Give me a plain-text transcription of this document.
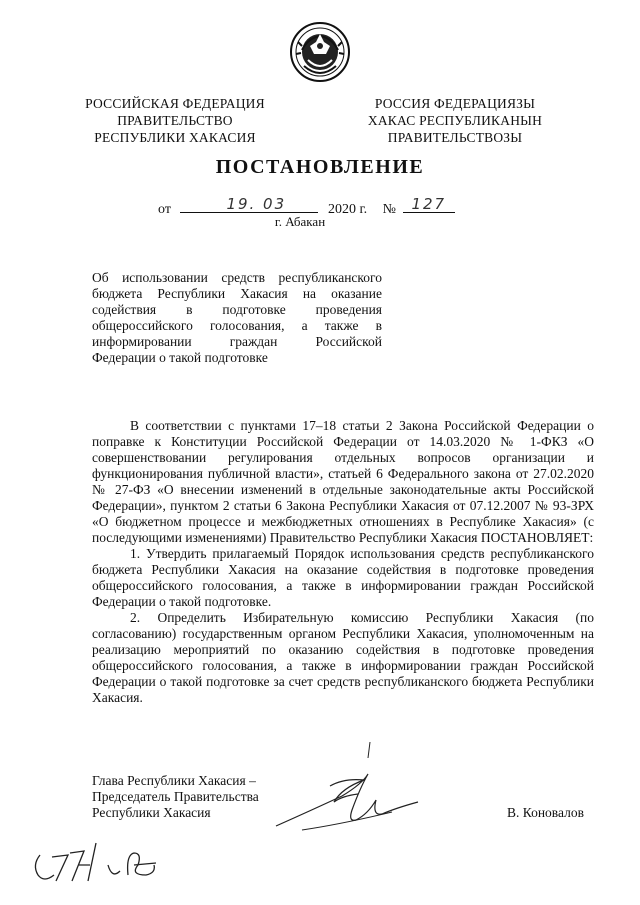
РОССИЙСКАЯ ФЕДЕРАЦИЯ
ПРАВИТЕЛЬСТВО
РЕСПУБЛИКИ ХАКАСИЯ
РОССИЯ ФЕДЕРАЦИЯЗЫ
ХАКАС РЕСПУБЛИКАНЫН
ПРАВИТЕЛЬСТВОЗЫ
ПОСТАНОВЛЕНИЕ
от	19. 03	2020 г. № 127
г. Абакан
Об использовании средств республиканского
бюджета Республики Хакасия на оказание
содействия в подготовке проведения
общероссийского голосования, а также в
информировании граждан Российской
Федерации о такой подготовке

В соответствии с пунктами 17–18 статьи 2 Закона Российской Федерации о поправке к Конституции Российской Федерации от 14.03.2020 № 1-ФКЗ «О совершенствовании регулирования отдельных вопросов организации и функционирования публичной власти», статьей 6 Федерального закона от 27.02.2020 № 27-ФЗ «О внесении изменений в отдельные законодательные акты Российской Федерации», пунктом 2 статьи 6 Закона Республики Хакасия от 07.12.2007 № 93-ЗРХ «О бюджетном процессе и межбюджетных отношениях в Республике Хакасия» (с последующими изменениями) Правительство Республики Хакасия ПОСТАНОВЛЯЕТ:

1. Утвердить прилагаемый Порядок использования средств республиканского бюджета Республики Хакасия на оказание содействия в подготовке проведения общероссийского голосования, а также в информировании граждан Российской Федерации о такой подготовке.

2. Определить Избирательную комиссию Республики Хакасия (по согласованию) государственным органом Республики Хакасия, уполномоченным на реализацию мероприятий по оказанию содействия в подготовке проведения общероссийского голосования, а также в информировании граждан Российской Федерации о такой подготовке за счет средств республиканского бюджета Республики Хакасия.

Глава Республики Хакасия –
Председатель Правительства
Республики Хакасия	В. Коновалов
